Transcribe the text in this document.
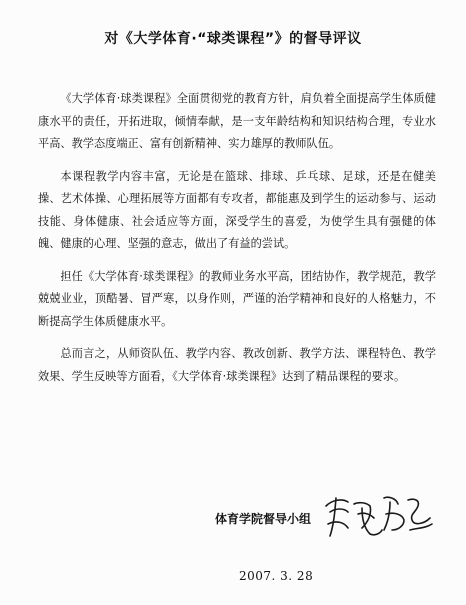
对《大学体育·“球类课程”》的督导评议

《大学体育·球类课程》全面贯彻党的教育方针，肩负着全面提高学生体质健康水平的责任，开拓进取，倾情奉献，是一支年龄结构和知识结构合理，专业水平高、教学态度端正、富有创新精神、实力雄厚的教师队伍。

本课程教学内容丰富，无论是在篮球、排球、乒乓球、足球，还是在健美操、艺术体操、心理拓展等方面都有专攻者，都能惠及到学生的运动参与、运动技能、身体健康、社会适应等方面，深受学生的喜爱，为使学生具有强健的体魄、健康的心理、坚强的意志，做出了有益的尝试。

担任《大学体育·球类课程》的教师业务水平高，团结协作，教学规范，教学兢兢业业，顶酷暑、冒严寒，以身作则，严谨的治学精神和良好的人格魅力，不断提高学生体质健康水平。

总而言之，从师资队伍、教学内容、教改创新、教学方法、课程特色、教学效果、学生反映等方面看，《大学体育·球类课程》达到了精品课程的要求。

体育学院督导小组
2007. 3. 28
